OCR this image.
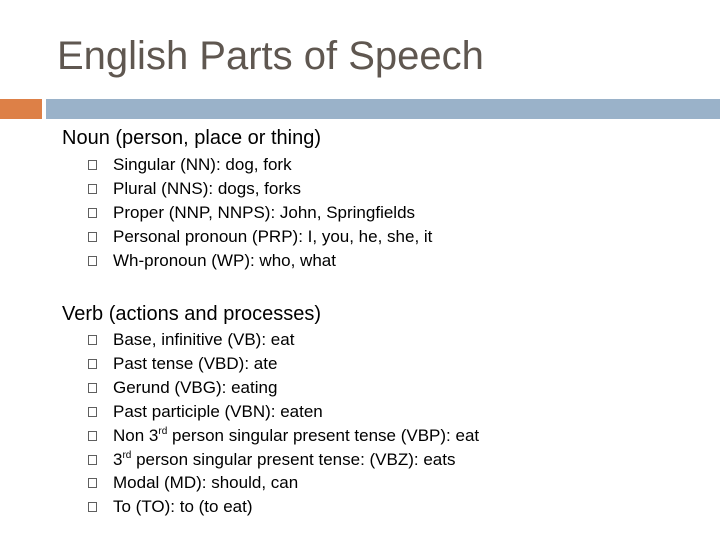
English Parts of Speech
Noun (person, place or thing)
Singular (NN): dog, fork
Plural (NNS): dogs, forks
Proper (NNP, NNPS): John, Springfields
Personal pronoun (PRP): I, you, he, she, it
Wh-pronoun (WP): who, what
Verb (actions and processes)
Base, infinitive (VB): eat
Past tense (VBD): ate
Gerund (VBG): eating
Past participle (VBN): eaten
Non 3rd person singular present tense (VBP): eat
3rd person singular present tense: (VBZ): eats
Modal (MD): should, can
To (TO): to (to eat)
